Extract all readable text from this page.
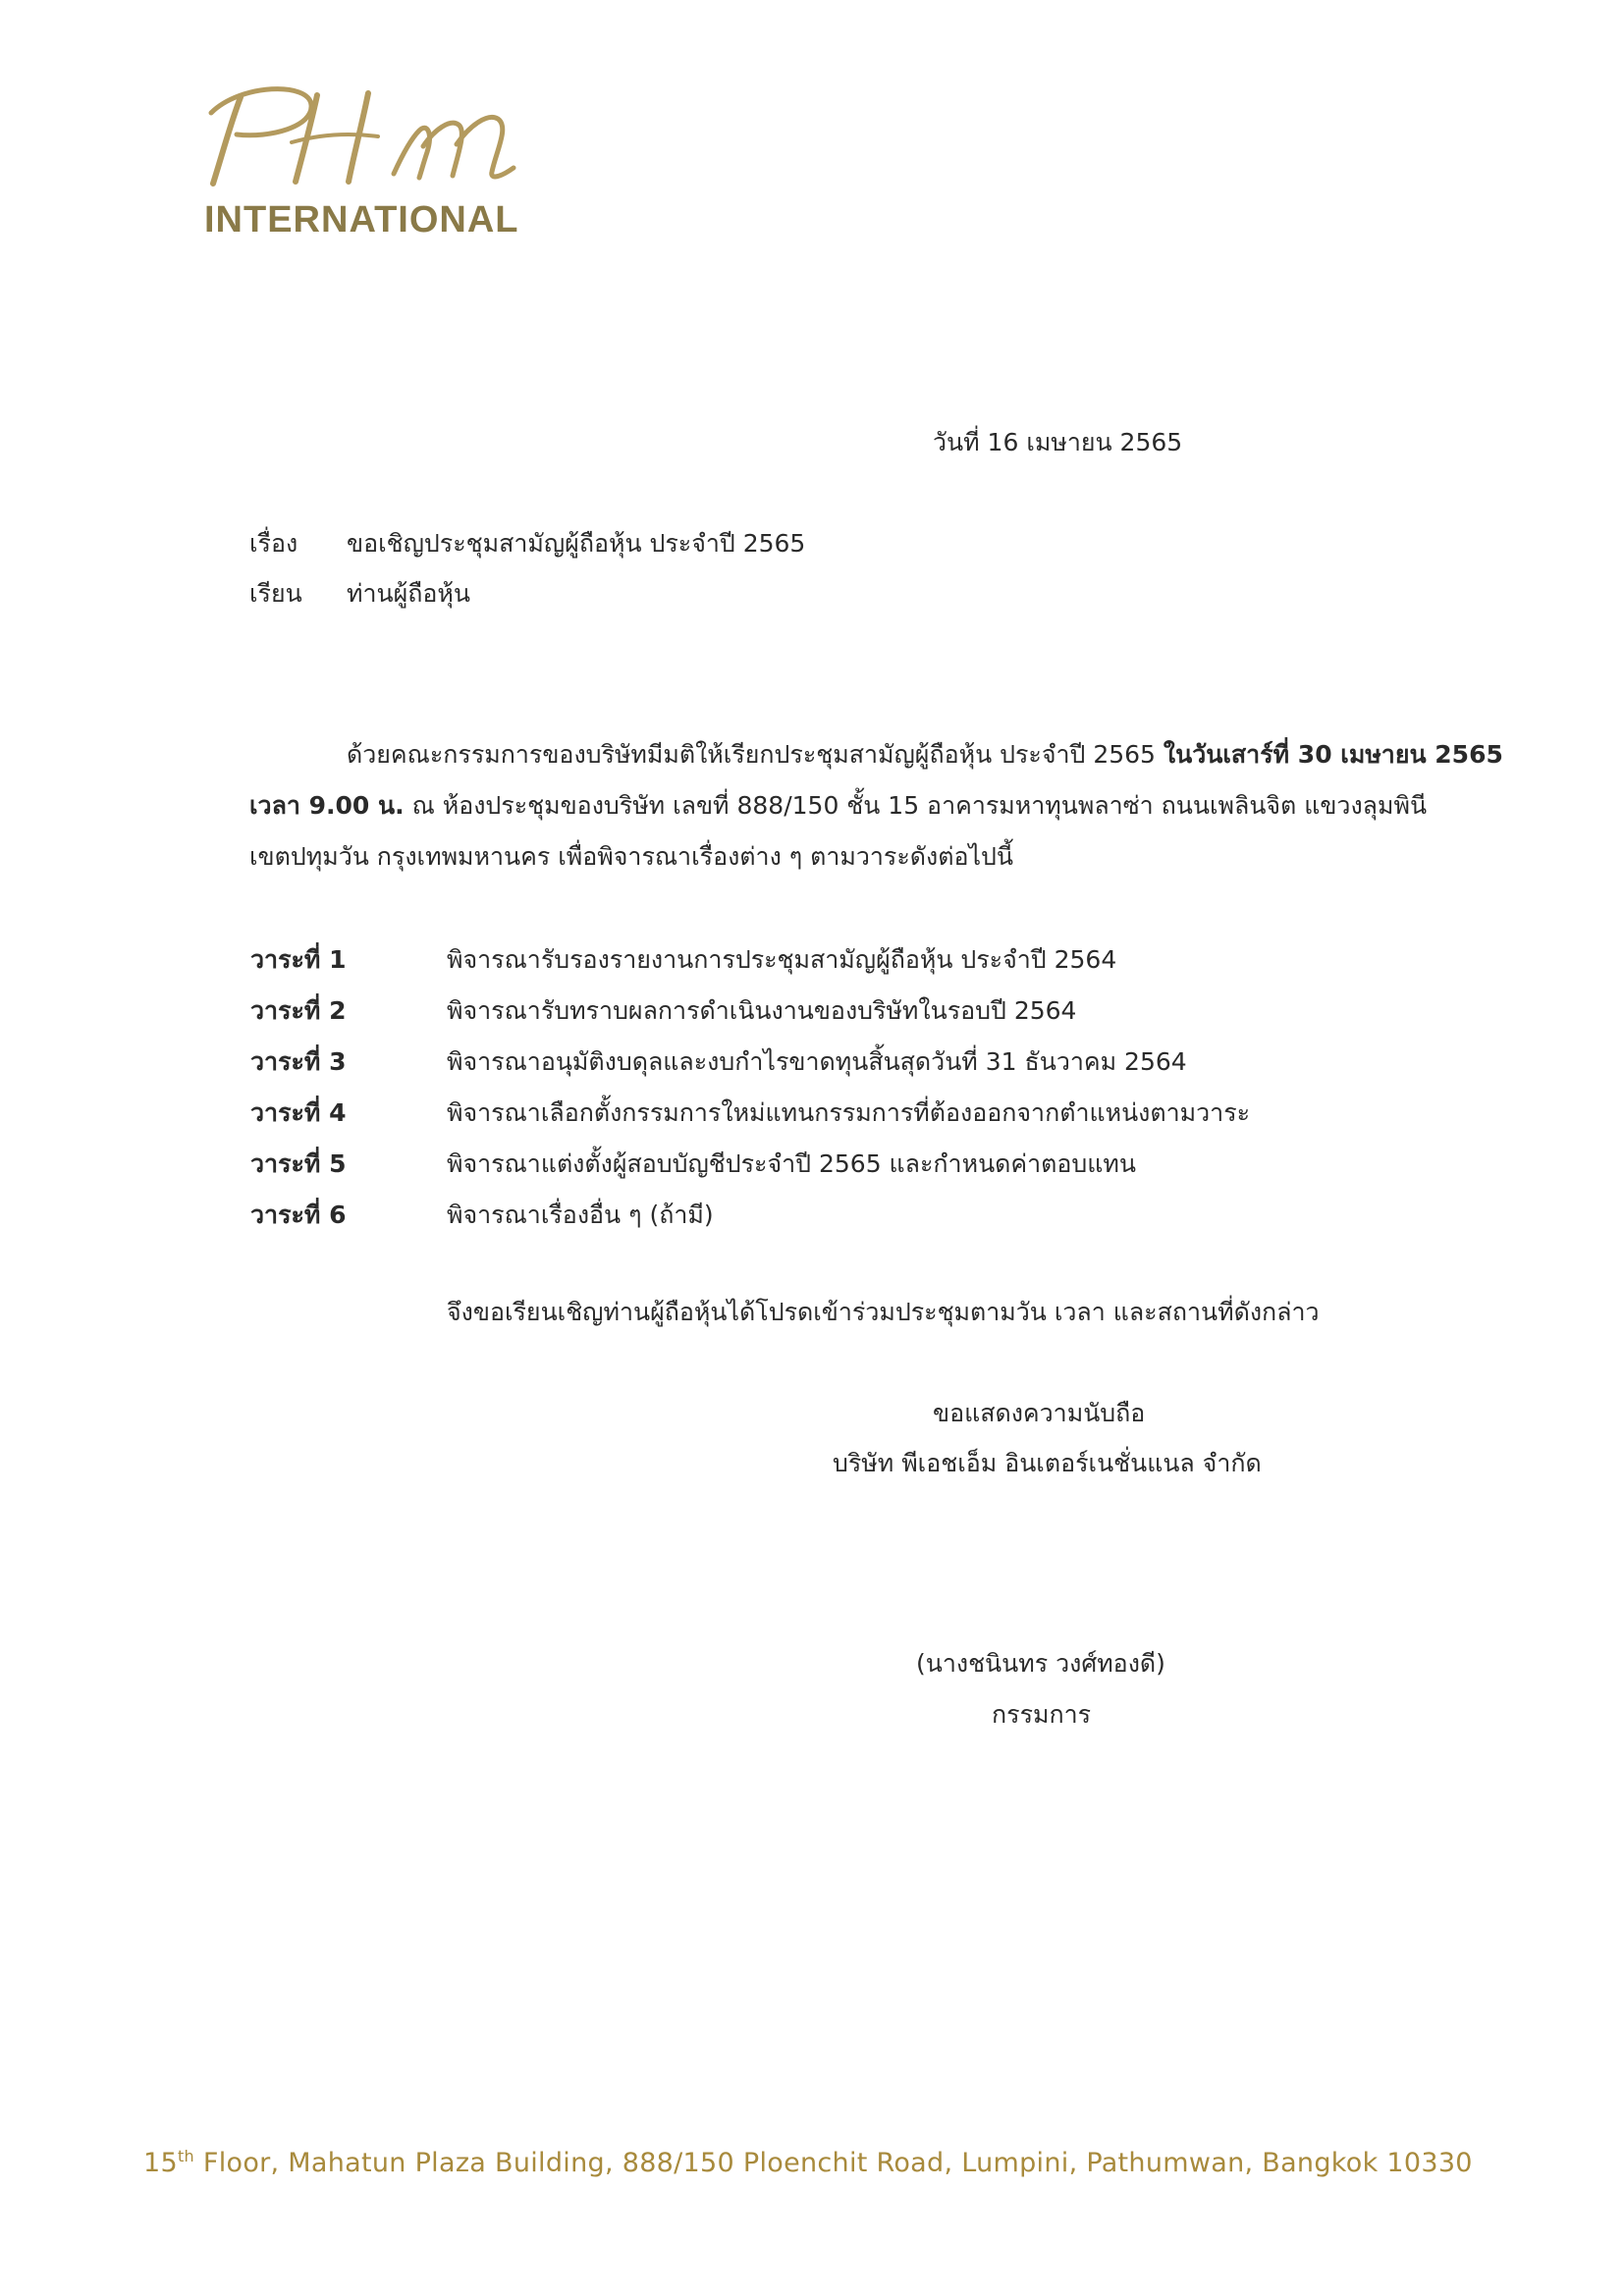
INTERNATIONAL
วันที่ 16 เมษายน 2565
เรื่อง ขอเชิญประชุมสามัญผู้ถือหุ้น ประจำปี 2565
เรียน ท่านผู้ถือหุ้น
ด้วยคณะกรรมการของบริษัทมีมติให้เรียกประชุมสามัญผู้ถือหุ้น ประจำปี 2565 ในวันเสาร์ที่ 30 เมษายน 2565
เวลา 9.00 น. ณ ห้องประชุมของบริษัท เลขที่ 888/150 ชั้น 15 อาคารมหาทุนพลาซ่า ถนนเพลินจิต แขวงลุมพินี
เขตปทุมวัน กรุงเทพมหานคร เพื่อพิจารณาเรื่องต่าง ๆ ตามวาระดังต่อไปนี้
วาระที่ 1	พิจารณารับรองรายงานการประชุมสามัญผู้ถือหุ้น ประจำปี 2564
วาระที่ 2	พิจารณารับทราบผลการดำเนินงานของบริษัทในรอบปี 2564
วาระที่ 3	พิจารณาอนุมัติงบดุลและงบกำไรขาดทุนสิ้นสุดวันที่ 31 ธันวาคม 2564
วาระที่ 4	พิจารณาเลือกตั้งกรรมการใหม่แทนกรรมการที่ต้องออกจากตำแหน่งตามวาระ
วาระที่ 5	พิจารณาแต่งตั้งผู้สอบบัญชีประจำปี 2565 และกำหนดค่าตอบแทน
วาระที่ 6	พิจารณาเรื่องอื่น ๆ (ถ้ามี)
จึงขอเรียนเชิญท่านผู้ถือหุ้นได้โปรดเข้าร่วมประชุมตามวัน เวลา และสถานที่ดังกล่าว
ขอแสดงความนับถือ
บริษัท พีเอชเอ็ม อินเตอร์เนชั่นแนล จำกัด
(นางชนินทร วงศ์ทองดี)
กรรมการ
15th Floor, Mahatun Plaza Building, 888/150 Ploenchit Road, Lumpini, Pathumwan, Bangkok 10330
